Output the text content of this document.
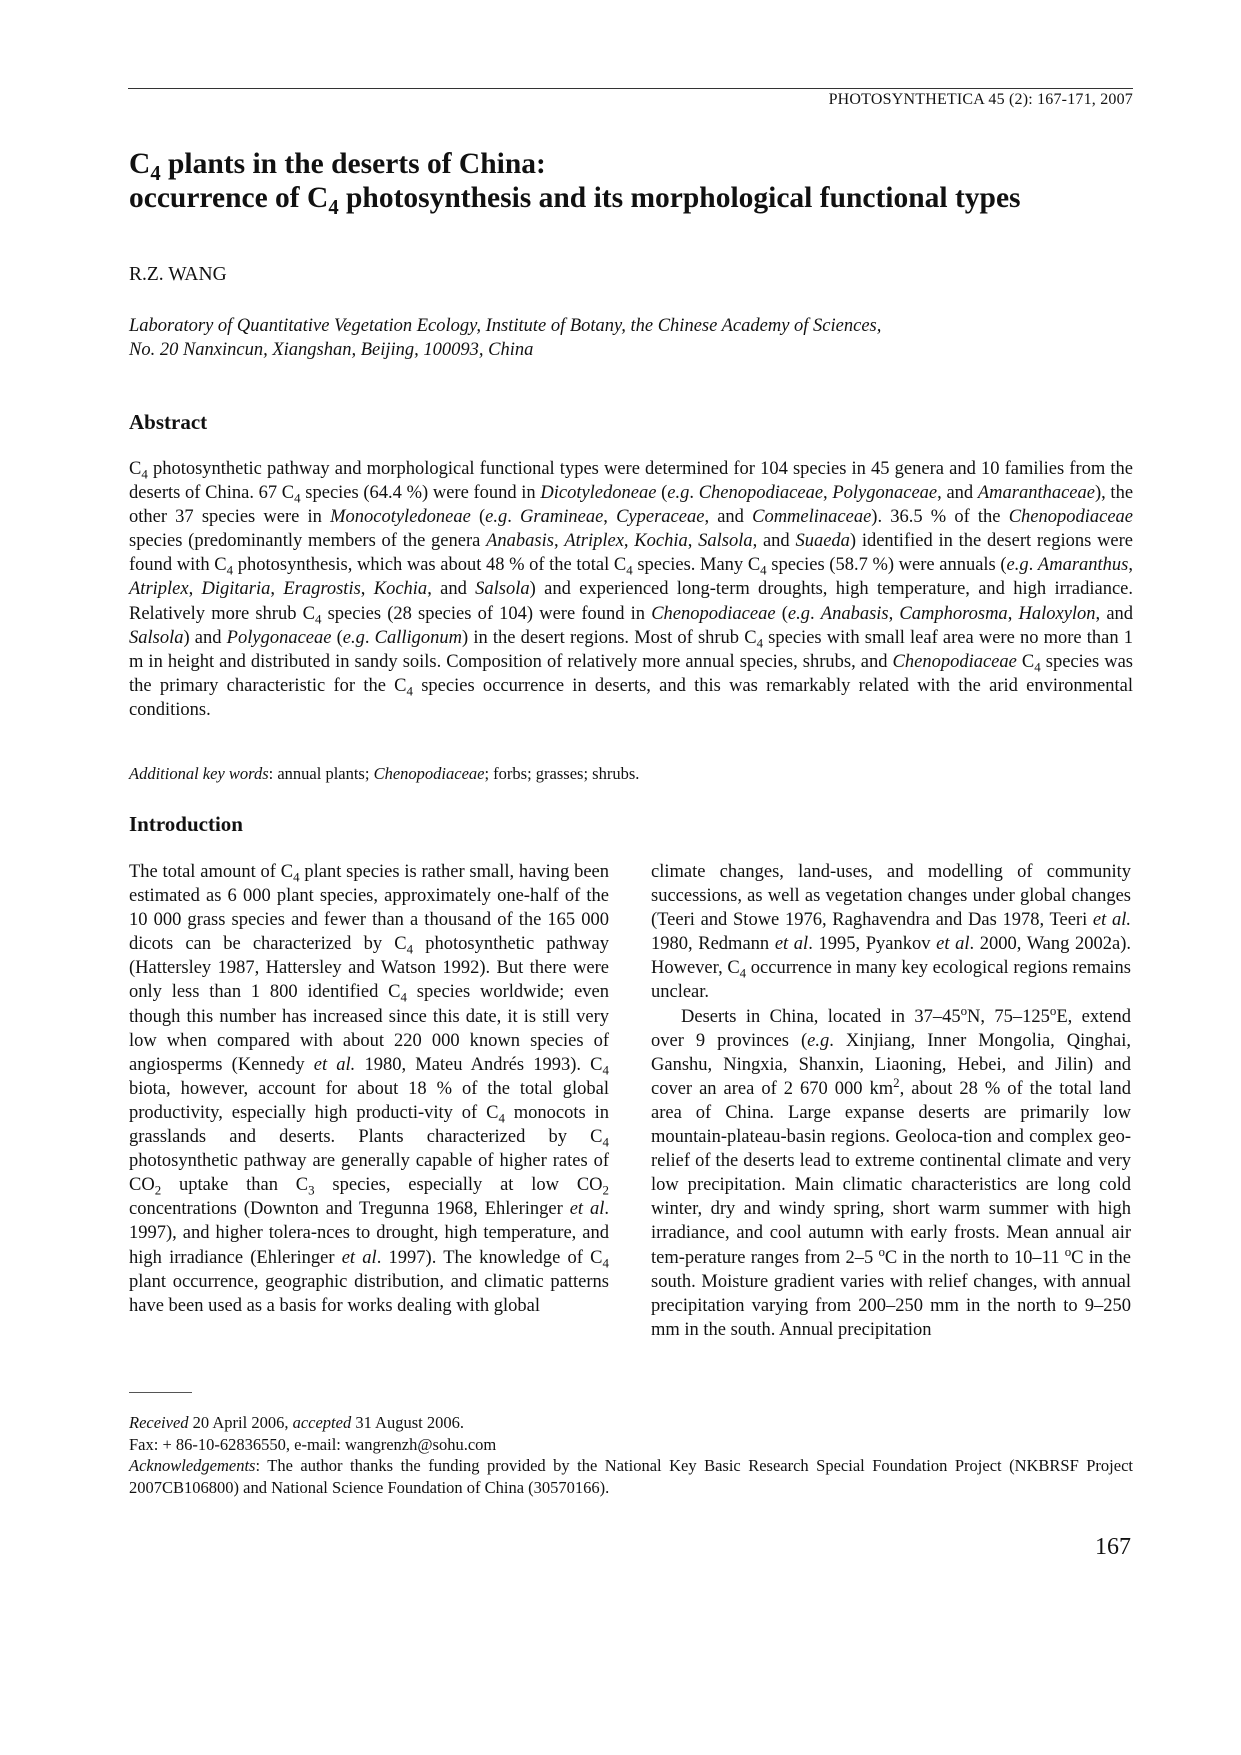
PHOTOSYNTHETICA 45 (2): 167-171, 2007
$C_4$ plants in the deserts of China:
occurrence of $C_4$ photosynthesis and its morphological functional types
R.Z. WANG
Laboratory of Quantitative Vegetation Ecology, Institute of Botany, the Chinese Academy of Sciences,
No. 20 Nanxincun, Xiangshan, Beijing, 100093, China
Abstract

$C_4$ photosynthetic pathway and morphological functional types were determined for 104 species in 45 genera and 10 families from the deserts of China. 67 $C_4$ species (64.4 %) were found in Dicotyledoneae (e.g. Chenopodiaceae, Polygonaceae, and Amaranthaceae), the other 37 species were in Monocotyledoneae (e.g. Gramineae, Cyperaceae, and Commelinaceae). 36.5 % of the Chenopodiaceae species (predominantly members of the genera Anabasis, Atriplex, Kochia, Salsola, and Suaeda) identified in the desert regions were found with $C_4$ photosynthesis, which was about 48 % of the total $C_4$ species. Many $C_4$ species (58.7 %) were annuals (e.g. Amaranthus, Atriplex, Digitaria, Eragrostis, Kochia, and Salsola) and experienced long-term droughts, high temperature, and high irradiance. Relatively more shrub $C_4$ species (28 species of 104) were found in Chenopodiaceae (e.g. Anabasis, Camphorosma, Haloxylon, and Salsola) and Polygonaceae (e.g. Calligonum) in the desert regions. Most of shrub $C_4$ species with small leaf area were no more than 1 m in height and distributed in sandy soils. Composition of relatively more annual species, shrubs, and Chenopodiaceae $C_4$ species was the primary characteristic for the $C_4$ species occurrence in deserts, and this was remarkably related with the arid environmental conditions.

Additional key words: annual plants; Chenopodiaceae; forbs; grasses; shrubs.
Introduction

The total amount of $C_4$ plant species is rather small, having been estimated as 6 000 plant species, approximately one-half of the 10 000 grass species and fewer than a thousand of the 165 000 dicots can be characterized by $C_4$ photosynthetic pathway (Hattersley 1987, Hattersley and Watson 1992). But there were only less than 1 800 identified $C_4$ species worldwide; even though this number has increased since this date, it is still very low when compared with about 220 000 known species of angiosperms (Kennedy et al. 1980, Mateu Andrés 1993). $C_4$ biota, however, account for about 18 % of the total global productivity, especially high producti-vity of $C_4$ monocots in grasslands and deserts. Plants characterized by $C_4$ photosynthetic pathway are generally capable of higher rates of $CO_2$ uptake than $C_3$ species, especially at low $CO_2$ concentrations (Downton and Tregunna 1968, Ehleringer et al. 1997), and higher tolera-nces to drought, high temperature, and high irradiance (Ehleringer et al. 1997). The knowledge of $C_4$ plant occurrence, geographic distribution, and climatic patterns have been used as a basis for works dealing with global

climate changes, land-uses, and modelling of community successions, as well as vegetation changes under global changes (Teeri and Stowe 1976, Raghavendra and Das 1978, Teeri et al. 1980, Redmann et al. 1995, Pyankov et al. 2000, Wang 2002a). However, $C_4$ occurrence in many key ecological regions remains unclear.

Deserts in China, located in 37–45$^o$N, 75–125$^o$E, extend over 9 provinces (e.g. Xinjiang, Inner Mongolia, Qinghai, Ganshu, Ningxia, Shanxin, Liaoning, Hebei, and Jilin) and cover an area of 2 670 000 $km^2$, about 28 % of the total land area of China. Large expanse deserts are primarily low mountain-plateau-basin regions. Geoloca-tion and complex geo-relief of the deserts lead to extreme continental climate and very low precipitation. Main climatic characteristics are long cold winter, dry and windy spring, short warm summer with high irradiance, and cool autumn with early frosts. Mean annual air tem-perature ranges from 2–5 $^o$C in the north to 10–11 $^o$C in the south. Moisture gradient varies with relief changes, with annual precipitation varying from 200–250 mm in the north to 9–250 mm in the south. Annual precipitation

Received 20 April 2006, accepted 31 August 2006.

Fax: + 86-10-62836550, e-mail: wangrenzh@sohu.com

Acknowledgements: The author thanks the funding provided by the National Key Basic Research Special Foundation Project (NKBRSF Project 2007CB106800) and National Science Foundation of China (30570166).

167
